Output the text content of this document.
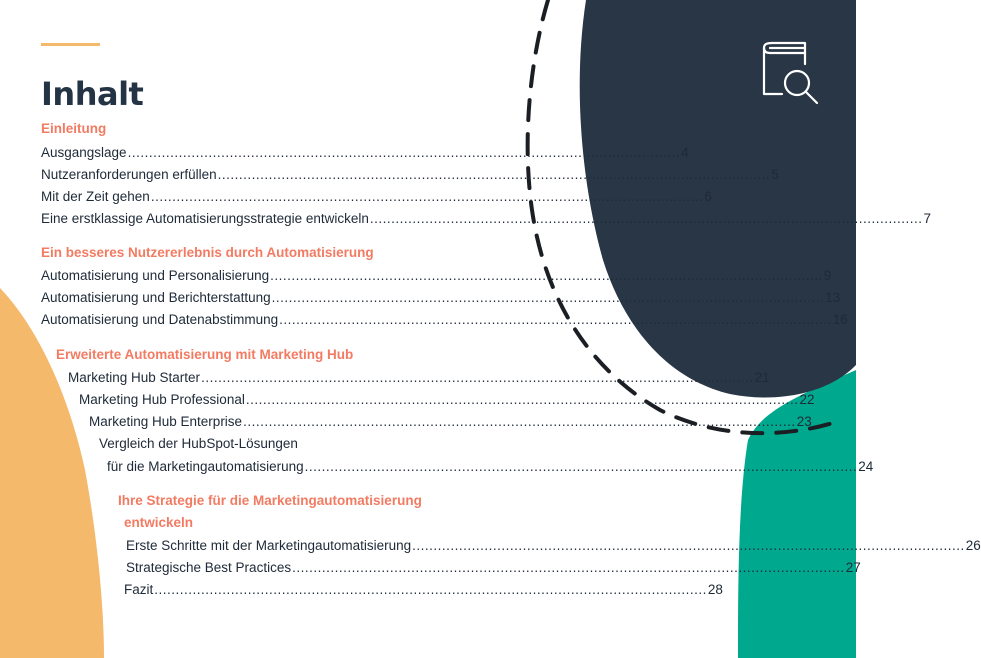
Inhalt
Einleitung
Ausgangslage .................................................................................................................................. 4
Nutzeranforderungen erfüllen .................................................................................................................................. 5
Mit der Zeit gehen .................................................................................................................................. 6
Eine erstklassige Automatisierungsstrategie entwickeln .................................................................................................................................. 7
Ein besseres Nutzererlebnis durch Automatisierung
Automatisierung und Personalisierung .................................................................................................................................. 9
Automatisierung und Berichterstattung .................................................................................................................................. 13
Automatisierung und Datenabstimmung .................................................................................................................................. 16
Erweiterte Automatisierung mit Marketing Hub
Marketing Hub Starter .................................................................................................................................. 21
Marketing Hub Professional .................................................................................................................................. 22
Marketing Hub Enterprise .................................................................................................................................. 23
Vergleich der HubSpot-Lösungen
für die Marketingautomatisierung .................................................................................................................................. 24
Ihre Strategie für die Marketingautomatisierung
entwickeln
Erste Schritte mit der Marketingautomatisierung .................................................................................................................................. 26
Strategische Best Practices .................................................................................................................................. 27
Fazit .................................................................................................................................. 28
